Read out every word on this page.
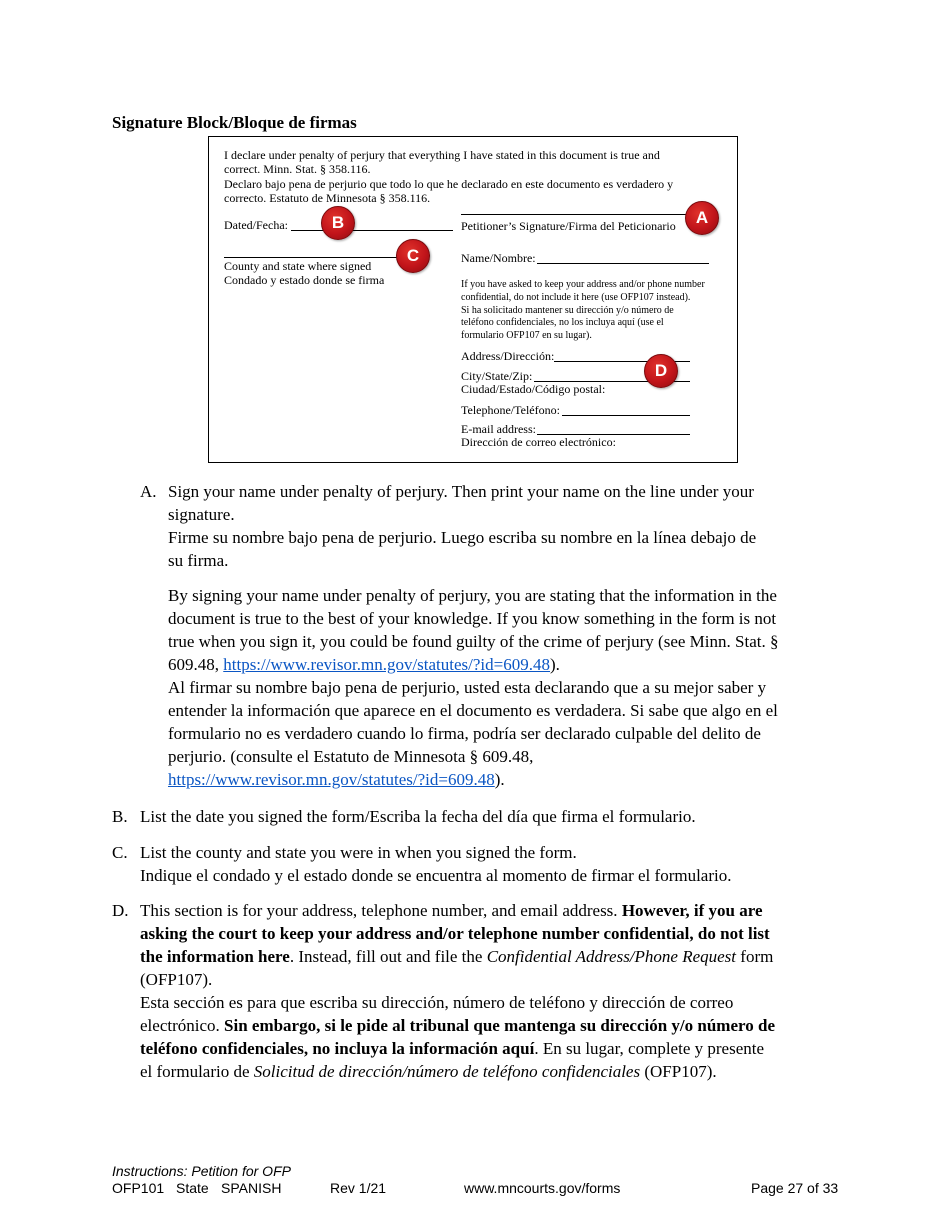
Signature Block/Bloque de firmas
I declare under penalty of perjury that everything I have stated in this document is true and
correct. Minn. Stat. § 358.116.
Declaro bajo pena de perjurio que todo lo que he declarado en este documento es verdadero y
correcto. Estatuto de Minnesota § 358.116.
Dated/Fecha:	Petitioner’s Signature/Firma del Peticionario
County and state where signed
Condado y estado donde se firma
Name/Nombre:
If you have asked to keep your address and/or phone number
confidential, do not include it here (use OFP107 instead).
Si ha solicitado mantener su dirección y/o número de
teléfono confidenciales, no los incluya aquí (use el
formulario OFP107 en su lugar).
Address/Dirección:
City/State/Zip:
Ciudad/Estado/Código postal:
Telephone/Teléfono:
E-mail address:
Dirección de correo electrónico:
A
B
C
D
A. Sign your name under penalty of perjury. Then print your name on the line under your

signature.

Firme su nombre bajo pena de perjurio. Luego escriba su nombre en la línea debajo de

su firma.

By signing your name under penalty of perjury, you are stating that the information in the

document is true to the best of your knowledge. If you know something in the form is not

true when you sign it, you could be found guilty of the crime of perjury (see Minn. Stat. §

609.48, https://www.revisor.mn.gov/statutes/?id=609.48).

Al firmar su nombre bajo pena de perjurio, usted esta declarando que a su mejor saber y

entender la información que aparece en el documento es verdadera. Si sabe que algo en el

formulario no es verdadero cuando lo firma, podría ser declarado culpable del delito de

perjurio. (consulte el Estatuto de Minnesota § 609.48,

https://www.revisor.mn.gov/statutes/?id=609.48).

B. List the date you signed the form/Escriba la fecha del día que firma el formulario.

C. List the county and state you were in when you signed the form.

Indique el condado y el estado donde se encuentra al momento de firmar el formulario.

D. This section is for your address, telephone number, and email address. However, if you are

asking the court to keep your address and/or telephone number confidential, do not list

the information here. Instead, fill out and file the Confidential Address/Phone Request form

(OFP107).

Esta sección es para que escriba su dirección, número de teléfono y dirección de correo

electrónico. Sin embargo, si le pide al tribunal que mantenga su dirección y/o número de

teléfono confidenciales, no incluya la información aquí. En su lugar, complete y presente

el formulario de Solicitud de dirección/número de teléfono confidenciales (OFP107).

Instructions: Petition for OFP
OFP101 State SPANISH	Rev 1/21	www.mncourts.gov/forms	Page 27 of 33
